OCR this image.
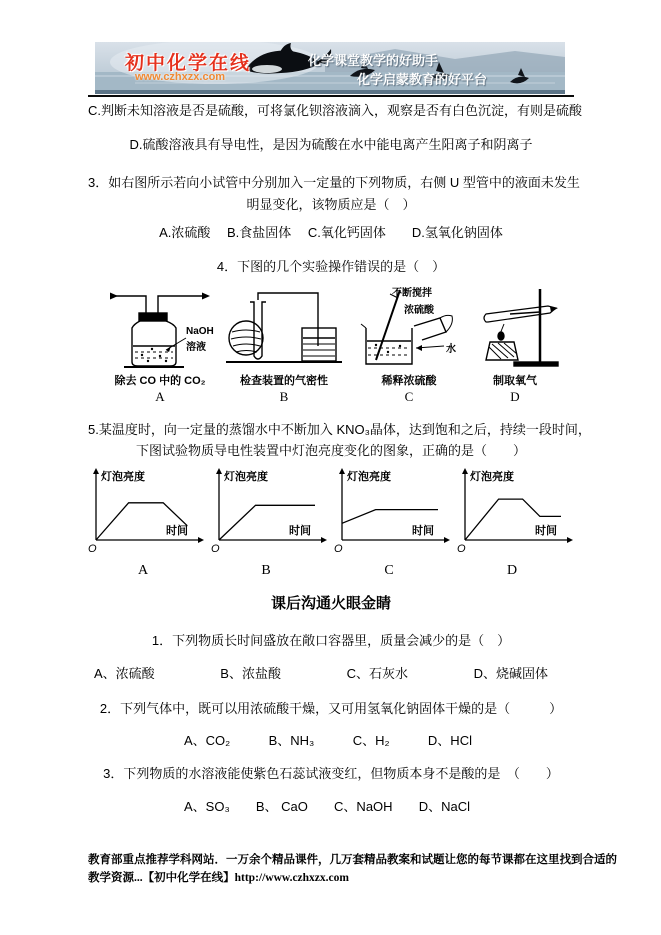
初中化学在线
www.czhxzx.com
化学课堂教学的好助手
化学启蒙教育的好平台
C.判断未知溶液是否是硫酸，可将氯化钡溶液滴入，观察是否有白色沉淀，有则是硫酸
D.硫酸溶液具有导电性，是因为硫酸在水中能电离产生阳离子和阴离子
3．如右图所示若向小试管中分别加入一定量的下列物质，右侧 U 型管中的液面未发生
明显变化，该物质应是（　）
A.浓硫酸　 B.食盐固体　 C.氧化钙固体　　D.氢氧化钠固体
4．下图的几个实验操作错误的是（　）
NaOH
溶液
除去 CO 中的 CO₂
A
检查装置的气密性
B
不断搅拌
浓硫酸
水
稀释浓硫酸
C
制取氧气
D
5.某温度时，向一定量的蒸馏水中不断加入 KNO₃晶体，达到饱和之后，持续一段时间，
下图试验物质导电性装置中灯泡亮度变化的图象，正确的是（　　）
灯泡亮度
时间
O
A
灯泡亮度
时间
O
B
灯泡亮度
时间
O
C
灯泡亮度
时间
O
D
课后沟通火眼金睛
1．下列物质长时间盛放在敞口容器里，质量会减少的是（　）
A、浓硫酸	B、浓盐酸	C、石灰水	D、烧碱固体
2．下列气体中，既可以用浓硫酸干燥，又可用氢氧化钠固体干燥的是（　　　）
A、CO₂	B、NH₃	C、H₂	D、HCl
3．下列物质的水溶液能使紫色石蕊试液变红，但物质本身不是酸的是　（　　）
A、SO₃ B、 CaO C、NaOH D、NaCl
教育部重点推荐学科网站．一万余个精品课件，几万套精品教案和试题让您的每节课都在这里找到合适的
教学资源...【初中化学在线】http://www.czhxzx.com
